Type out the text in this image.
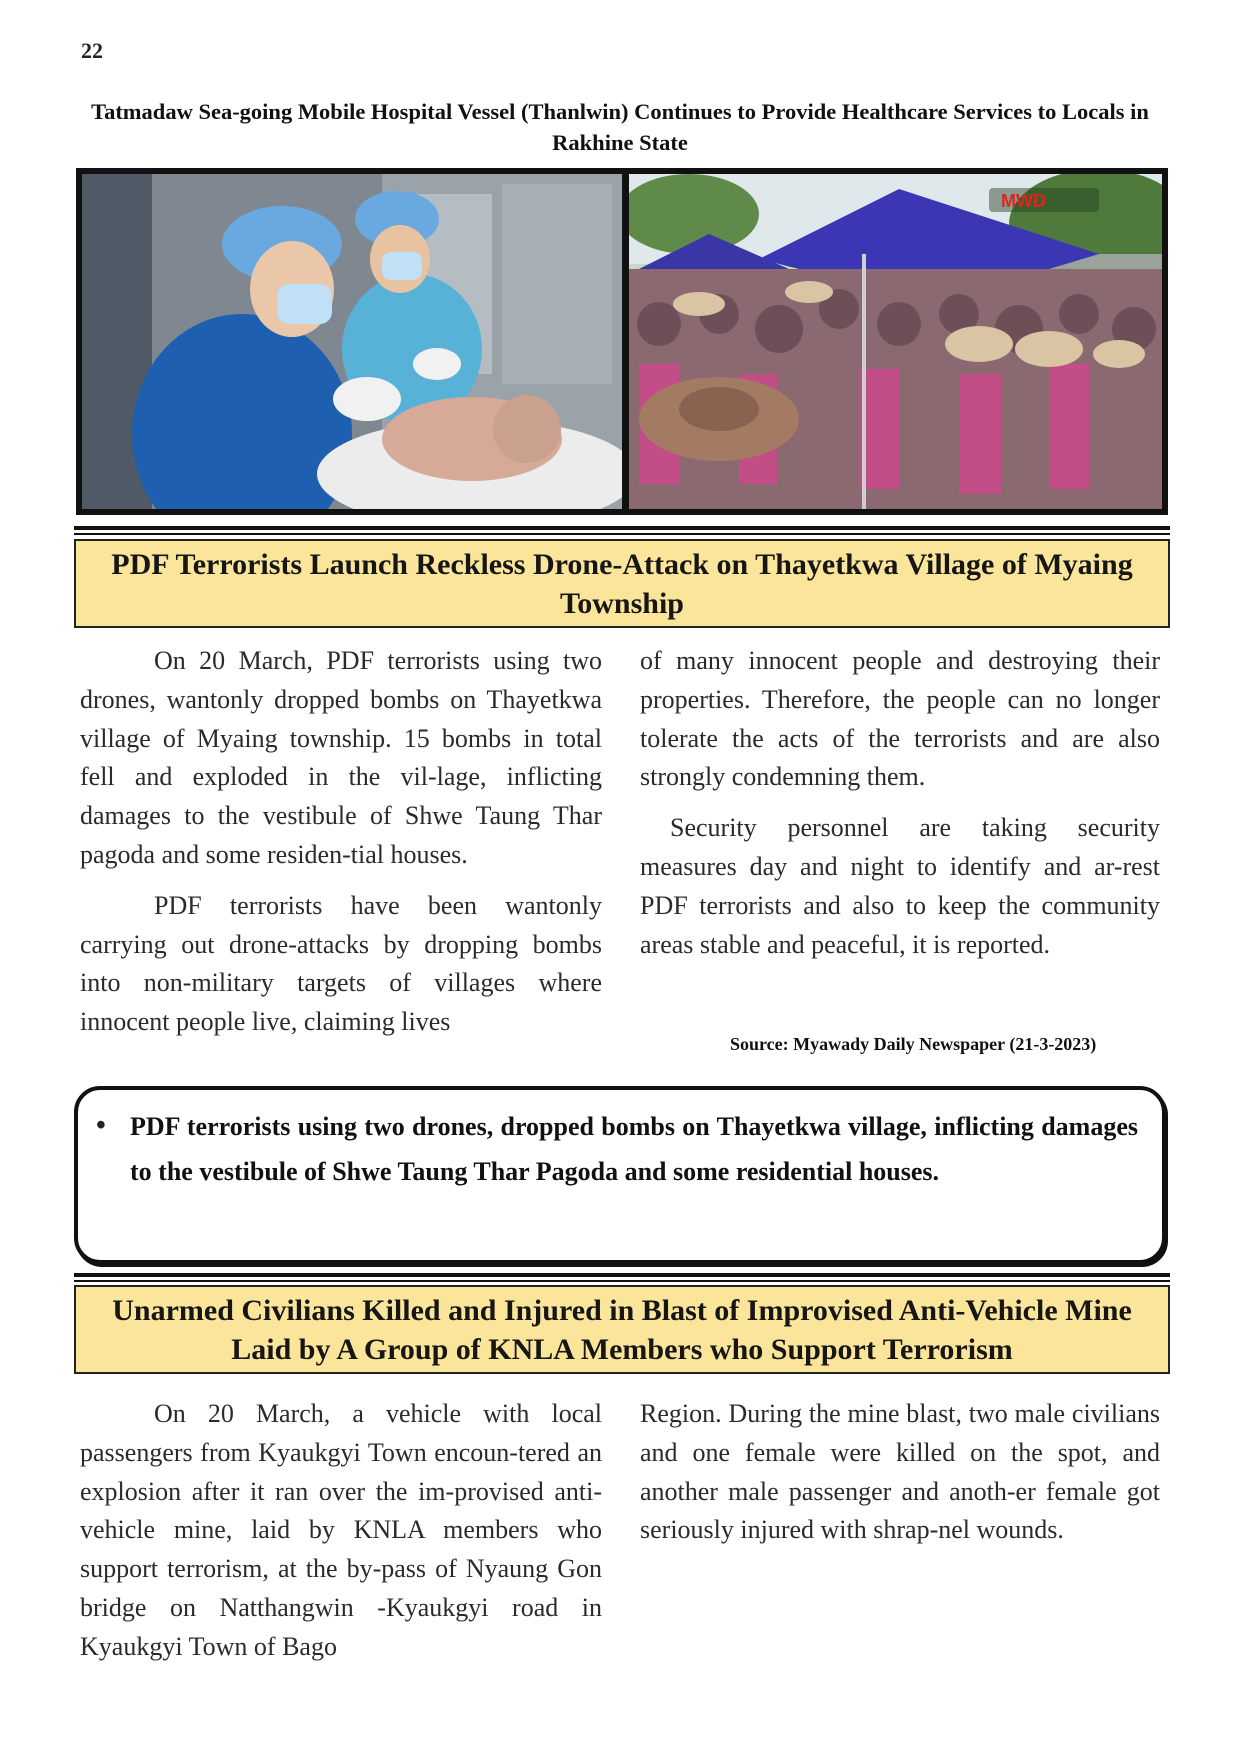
22
Tatmadaw Sea-going Mobile Hospital Vessel (Thanlwin) Continues to Provide Healthcare Services to Locals in Rakhine State
MWD
PDF Terrorists Launch Reckless Drone-Attack on Thayetkwa Village of Myaing Township

On 20 March, PDF terrorists using two drones, wantonly dropped bombs on Thayetkwa village of Myaing township. 15 bombs in total fell and exploded in the vil-lage, inflicting damages to the vestibule of Shwe Taung Thar pagoda and some residen-tial houses.

PDF terrorists have been wantonly carrying out drone-attacks by dropping bombs into non-military targets of villages where innocent people live, claiming lives

of many innocent people and destroying their properties. Therefore, the people can no longer tolerate the acts of the terrorists and are also strongly condemning them.

Security personnel are taking security measures day and night to identify and ar-rest PDF terrorists and also to keep the community areas stable and peaceful, it is reported.

Source: Myawady Daily Newspaper (21-3-2023)
• PDF terrorists using two drones, dropped bombs on Thayetkwa village, inflicting damages to the vestibule of Shwe Taung Thar Pagoda and some residential houses.
Unarmed Civilians Killed and Injured in Blast of Improvised Anti-Vehicle Mine Laid by A Group of KNLA Members who Support Terrorism

On 20 March, a vehicle with local passengers from Kyaukgyi Town encoun-tered an explosion after it ran over the im-provised anti-vehicle mine, laid by KNLA members who support terrorism, at the by-pass of Nyaung Gon bridge on Natthangwin -Kyaukgyi road in Kyaukgyi Town of Bago

Region. During the mine blast, two male civilians and one female were killed on the spot, and another male passenger and anoth-er female got seriously injured with shrap-nel wounds.
